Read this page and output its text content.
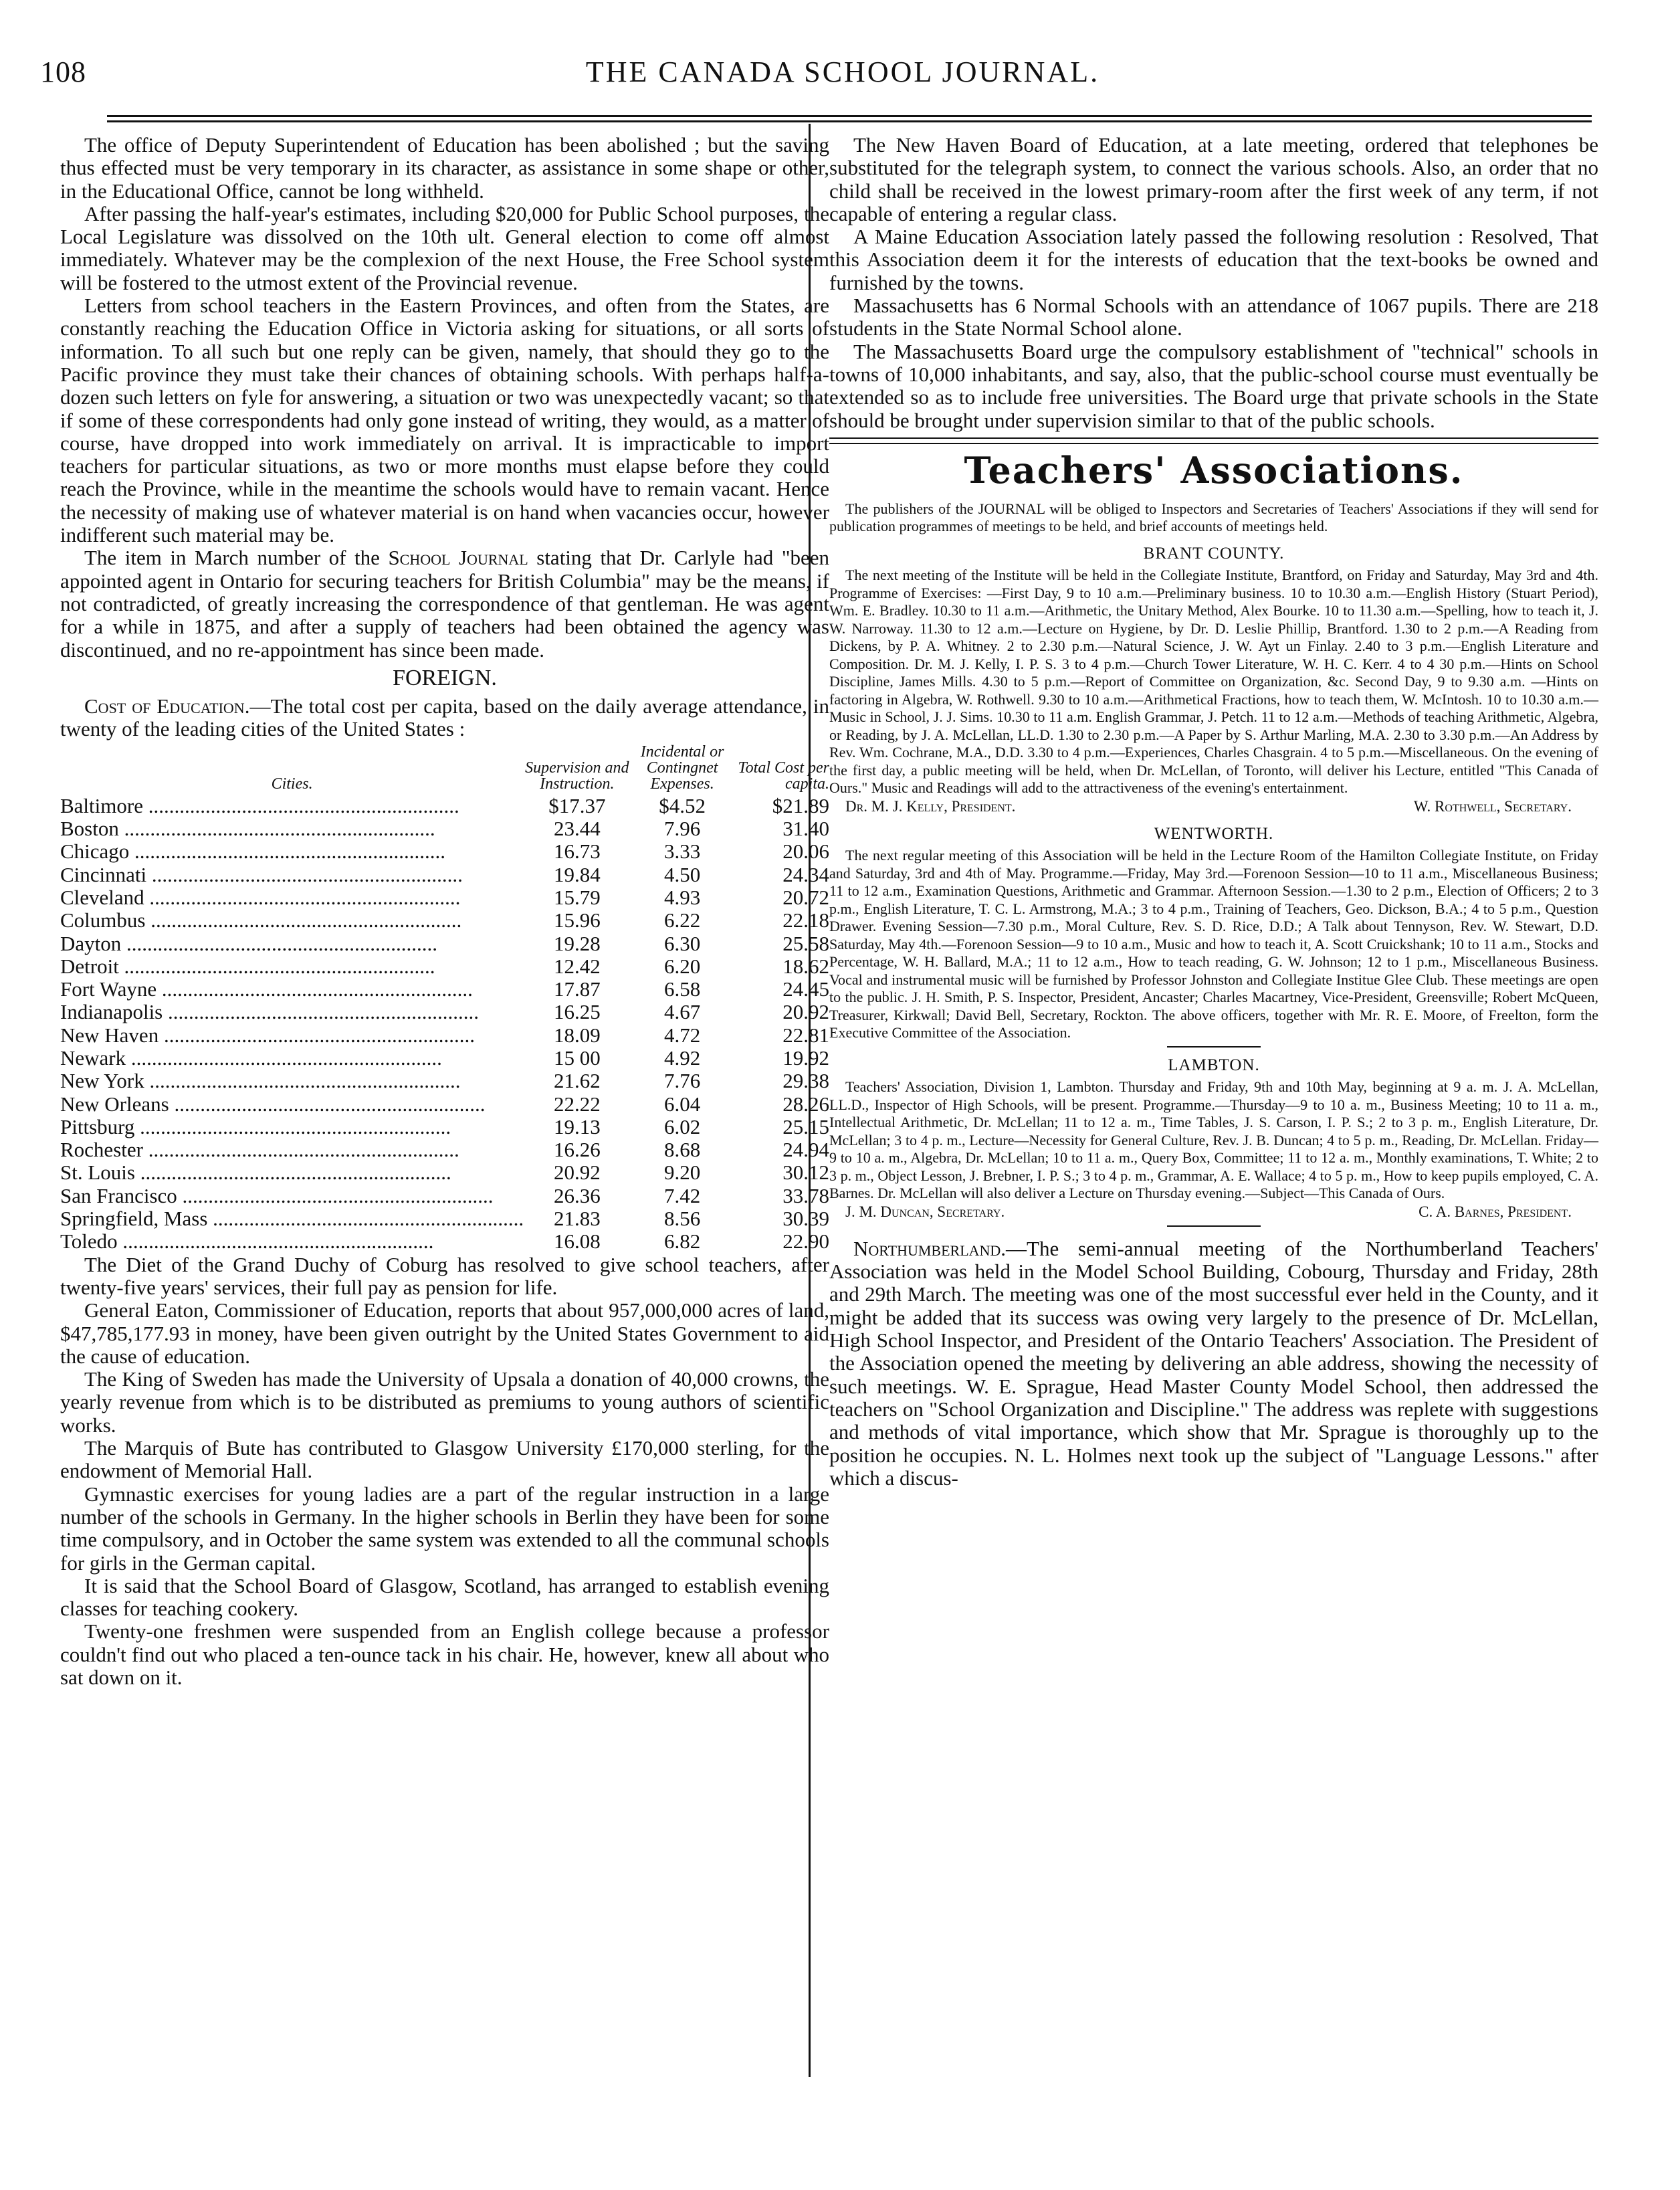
108	THE CANADA SCHOOL JOURNAL.

The office of Deputy Superintendent of Education has been abolished ; but the saving thus effected must be very temporary in its character, as assistance in some shape or other, in the Educational Office, cannot be long withheld.

After passing the half-year's estimates, including $20,000 for Public School purposes, the Local Legislature was dissolved on the 10th ult. General election to come off almost immediately. Whatever may be the complexion of the next House, the Free School system will be fostered to the utmost extent of the Provincial revenue.

Letters from school teachers in the Eastern Provinces, and often from the States, are constantly reaching the Education Office in Victoria asking for situations, or all sorts of information. To all such but one reply can be given, namely, that should they go to the Pacific province they must take their chances of obtaining schools. With perhaps half-a-dozen such letters on fyle for answering, a situation or two was unexpectedly vacant; so that if some of these correspondents had only gone instead of writing, they would, as a matter of course, have dropped into work immediately on arrival. It is impracticable to import teachers for particular situations, as two or more months must elapse before they could reach the Province, while in the meantime the schools would have to remain vacant. Hence the necessity of making use of whatever material is on hand when vacancies occur, however indifferent such material may be.

The item in March number of the School Journal stating that Dr. Carlyle had "been appointed agent in Ontario for securing teachers for British Columbia" may be the means, if not contradicted, of greatly increasing the correspondence of that gentleman. He was agent for a while in 1875, and after a supply of teachers had been obtained the agency was discontinued, and no re-appointment has since been made.

FOREIGN.

Cost of Education.—The total cost per capita, based on the daily average attendance, in twenty of the leading cities of the United States :

Cities.	Supervision and Instruction.	Incidental or Contingnet Expenses.	Total Cost per capita.
Baltimore ............................................................	$17.37	$4.52	$21.89
Boston ............................................................	23.44	7.96	31.40
Chicago ............................................................	16.73	3.33	20.06
Cincinnati ............................................................	19.84	4.50	24.34
Cleveland ............................................................	15.79	4.93	20.72
Columbus ............................................................	15.96	6.22	22.18
Dayton ............................................................	19.28	6.30	25.58
Detroit ............................................................	12.42	6.20	18.62
Fort Wayne ............................................................	17.87	6.58	24.45
Indianapolis ............................................................	16.25	4.67	20.92
New Haven ............................................................	18.09	4.72	22.81
Newark ............................................................	15 00	4.92	19.92
New York ............................................................	21.62	7.76	29.38
New Orleans ............................................................	22.22	6.04	28.26
Pittsburg ............................................................	19.13	6.02	25.15
Rochester ............................................................	16.26	8.68	24.94
St. Louis ............................................................	20.92	9.20	30.12
San Francisco ............................................................	26.36	7.42	33.78
Springfield, Mass ............................................................	21.83	8.56	30.39
Toledo ............................................................	16.08	6.82	22.90

The Diet of the Grand Duchy of Coburg has resolved to give school teachers, after twenty-five years' services, their full pay as pension for life.

General Eaton, Commissioner of Education, reports that about 957,000,000 acres of land, $47,785,177.93 in money, have been given outright by the United States Government to aid the cause of education.

The King of Sweden has made the University of Upsala a donation of 40,000 crowns, the yearly revenue from which is to be distributed as premiums to young authors of scientific works.

The Marquis of Bute has contributed to Glasgow University £170,000 sterling, for the endowment of Memorial Hall.

Gymnastic exercises for young ladies are a part of the regular instruction in a large number of the schools in Germany. In the higher schools in Berlin they have been for some time compulsory, and in October the same system was extended to all the communal schools for girls in the German capital.

It is said that the School Board of Glasgow, Scotland, has arranged to establish evening classes for teaching cookery.

Twenty-one freshmen were suspended from an English college because a professor couldn't find out who placed a ten-ounce tack in his chair. He, however, knew all about who sat down on it.

The New Haven Board of Education, at a late meeting, ordered that telephones be substituted for the telegraph system, to connect the various schools. Also, an order that no child shall be received in the lowest primary-room after the first week of any term, if not capable of entering a regular class.

A Maine Education Association lately passed the following resolution : Resolved, That this Association deem it for the interests of education that the text-books be owned and furnished by the towns.

Massachusetts has 6 Normal Schools with an attendance of 1067 pupils. There are 218 students in the State Normal School alone.

The Massachusetts Board urge the compulsory establishment of "technical" schools in towns of 10,000 inhabitants, and say, also, that the public-school course must eventually be extended so as to include free universities. The Board urge that private schools in the State should be brought under supervision similar to that of the public schools.

Teachers' Associations.

The publishers of the JOURNAL will be obliged to Inspectors and Secretaries of Teachers' Associations if they will send for publication programmes of meetings to be held, and brief accounts of meetings held.

BRANT COUNTY.

The next meeting of the Institute will be held in the Collegiate Institute, Brantford, on Friday and Saturday, May 3rd and 4th. Programme of Exercises: —First Day, 9 to 10 a.m.—Preliminary business. 10 to 10.30 a.m.—English History (Stuart Period), Wm. E. Bradley. 10.30 to 11 a.m.—Arithmetic, the Unitary Method, Alex Bourke. 10 to 11.30 a.m.—Spelling, how to teach it, J. W. Narroway. 11.30 to 12 a.m.—Lecture on Hygiene, by Dr. D. Leslie Phillip, Brantford. 1.30 to 2 p.m.—A Reading from Dickens, by P. A. Whitney. 2 to 2.30 p.m.—Natural Science, J. W. Ayt un Finlay. 2.40 to 3 p.m.—English Literature and Composition. Dr. M. J. Kelly, I. P. S. 3 to 4 p.m.—Church Tower Literature, W. H. C. Kerr. 4 to 4 30 p.m.—Hints on School Discipline, James Mills. 4.30 to 5 p.m.—Report of Committee on Organization, &c. Second Day, 9 to 9.30 a.m. —Hints on factoring in Algebra, W. Rothwell. 9.30 to 10 a.m.—Arithmetical Fractions, how to teach them, W. McIntosh. 10 to 10.30 a.m.—Music in School, J. J. Sims. 10.30 to 11 a.m. English Grammar, J. Petch. 11 to 12 a.m.—Methods of teaching Arithmetic, Algebra, or Reading, by J. A. McLellan, LL.D. 1.30 to 2.30 p.m.—A Paper by S. Arthur Marling, M.A. 2.30 to 3.30 p.m.—An Address by Rev. Wm. Cochrane, M.A., D.D. 3.30 to 4 p.m.—Experiences, Charles Chasgrain. 4 to 5 p.m.—Miscellaneous. On the evening of the first day, a public meeting will be held, when Dr. McLellan, of Toronto, will deliver his Lecture, entitled "This Canada of Ours." Music and Readings will add to the attractiveness of the evening's entertainment.

Dr. M. J. Kelly, President.	W. Rothwell, Secretary.
WENTWORTH.

The next regular meeting of this Association will be held in the Lecture Room of the Hamilton Collegiate Institute, on Friday and Saturday, 3rd and 4th of May. Programme.—Friday, May 3rd.—Forenoon Session—10 to 11 a.m., Miscellaneous Business; 11 to 12 a.m., Examination Questions, Arithmetic and Grammar. Afternoon Session.—1.30 to 2 p.m., Election of Officers; 2 to 3 p.m., English Literature, T. C. L. Armstrong, M.A.; 3 to 4 p.m., Training of Teachers, Geo. Dickson, B.A.; 4 to 5 p.m., Question Drawer. Evening Session—7.30 p.m., Moral Culture, Rev. S. D. Rice, D.D.; A Talk about Tennyson, Rev. W. Stewart, D.D. Saturday, May 4th.—Forenoon Session—9 to 10 a.m., Music and how to teach it, A. Scott Cruickshank; 10 to 11 a.m., Stocks and Percentage, W. H. Ballard, M.A.; 11 to 12 a.m., How to teach reading, G. W. Johnson; 12 to 1 p.m., Miscellaneous Business. Vocal and instrumental music will be furnished by Professor Johnston and Collegiate Institue Glee Club. These meetings are open to the public. J. H. Smith, P. S. Inspector, President, Ancaster; Charles Macartney, Vice-President, Greensville; Robert McQueen, Treasurer, Kirkwall; David Bell, Secretary, Rockton. The above officers, together with Mr. R. E. Moore, of Freelton, form the Executive Committee of the Association.

LAMBTON.

Teachers' Association, Division 1, Lambton. Thursday and Friday, 9th and 10th May, beginning at 9 a. m. J. A. McLellan, LL.D., Inspector of High Schools, will be present. Programme.—Thursday—9 to 10 a. m., Business Meeting; 10 to 11 a. m., Intellectual Arithmetic, Dr. McLellan; 11 to 12 a. m., Time Tables, J. S. Carson, I. P. S.; 2 to 3 p. m., English Literature, Dr. McLellan; 3 to 4 p. m., Lecture—Necessity for General Culture, Rev. J. B. Duncan; 4 to 5 p. m., Reading, Dr. McLellan. Friday—9 to 10 a. m., Algebra, Dr. McLellan; 10 to 11 a. m., Query Box, Committee; 11 to 12 a. m., Monthly examinations, T. White; 2 to 3 p. m., Object Lesson, J. Brebner, I. P. S.; 3 to 4 p. m., Grammar, A. E. Wallace; 4 to 5 p. m., How to keep pupils employed, C. A. Barnes. Dr. McLellan will also deliver a Lecture on Thursday evening.—Subject—This Canada of Ours.

J. M. Duncan, Secretary.	C. A. Barnes, President.

Northumberland.—The semi-annual meeting of the Northumberland Teachers' Association was held in the Model School Building, Cobourg, Thursday and Friday, 28th and 29th March. The meeting was one of the most successful ever held in the County, and it might be added that its success was owing very largely to the presence of Dr. McLellan, High School Inspector, and President of the Ontario Teachers' Association. The President of the Association opened the meeting by delivering an able address, showing the necessity of such meetings. W. E. Sprague, Head Master County Model School, then addressed the teachers on "School Organization and Discipline." The address was replete with suggestions and methods of vital importance, which show that Mr. Sprague is thoroughly up to the position he occupies. N. L. Holmes next took up the subject of "Language Lessons." after which a discus-
